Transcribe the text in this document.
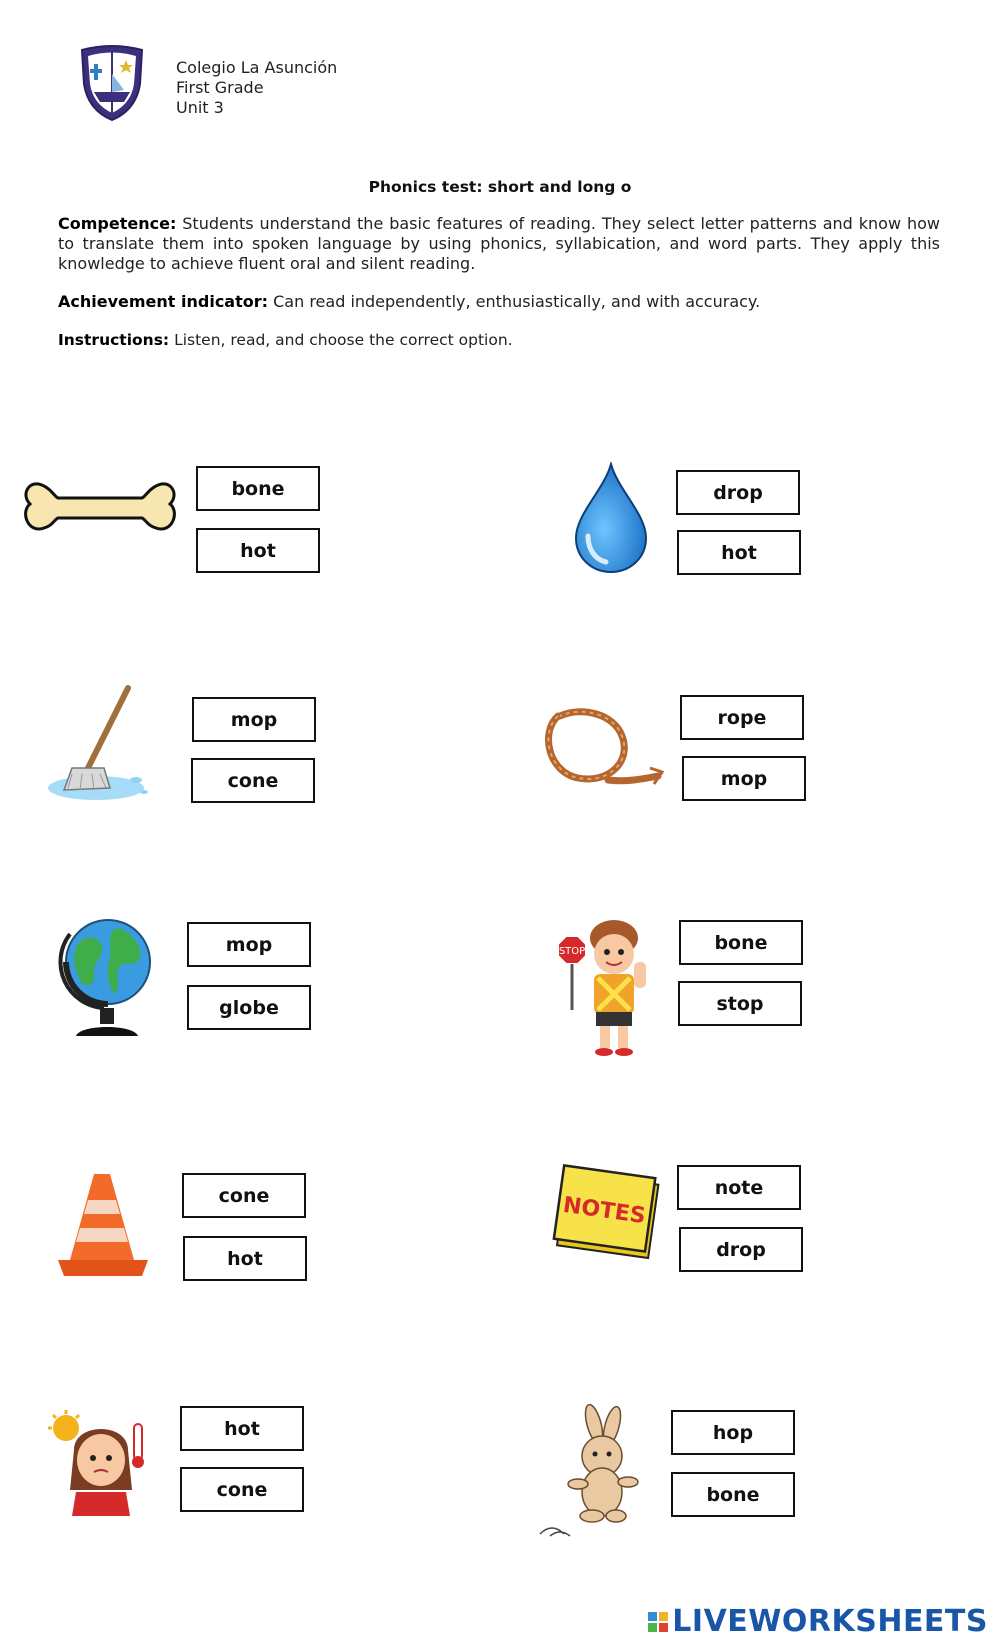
Colegio La Asunción
First Grade
Unit 3
Phonics test: short and long o
Competence: Students understand the basic features of reading. They select letter patterns and know how to translate them into spoken language by using phonics, syllabication, and word parts. They apply this knowledge to achieve fluent oral and silent reading.
Achievement indicator: Can read independently, enthusiastically, and with accuracy.
Instructions: Listen, read, and choose the correct option.
bone
hot
drop
hot
mop
cone
rope
mop
mop
globe
STOP	bone
stop
cone
hot
NOTES
note
drop
hot
cone
hop
bone
LIVEWORKSHEETS
